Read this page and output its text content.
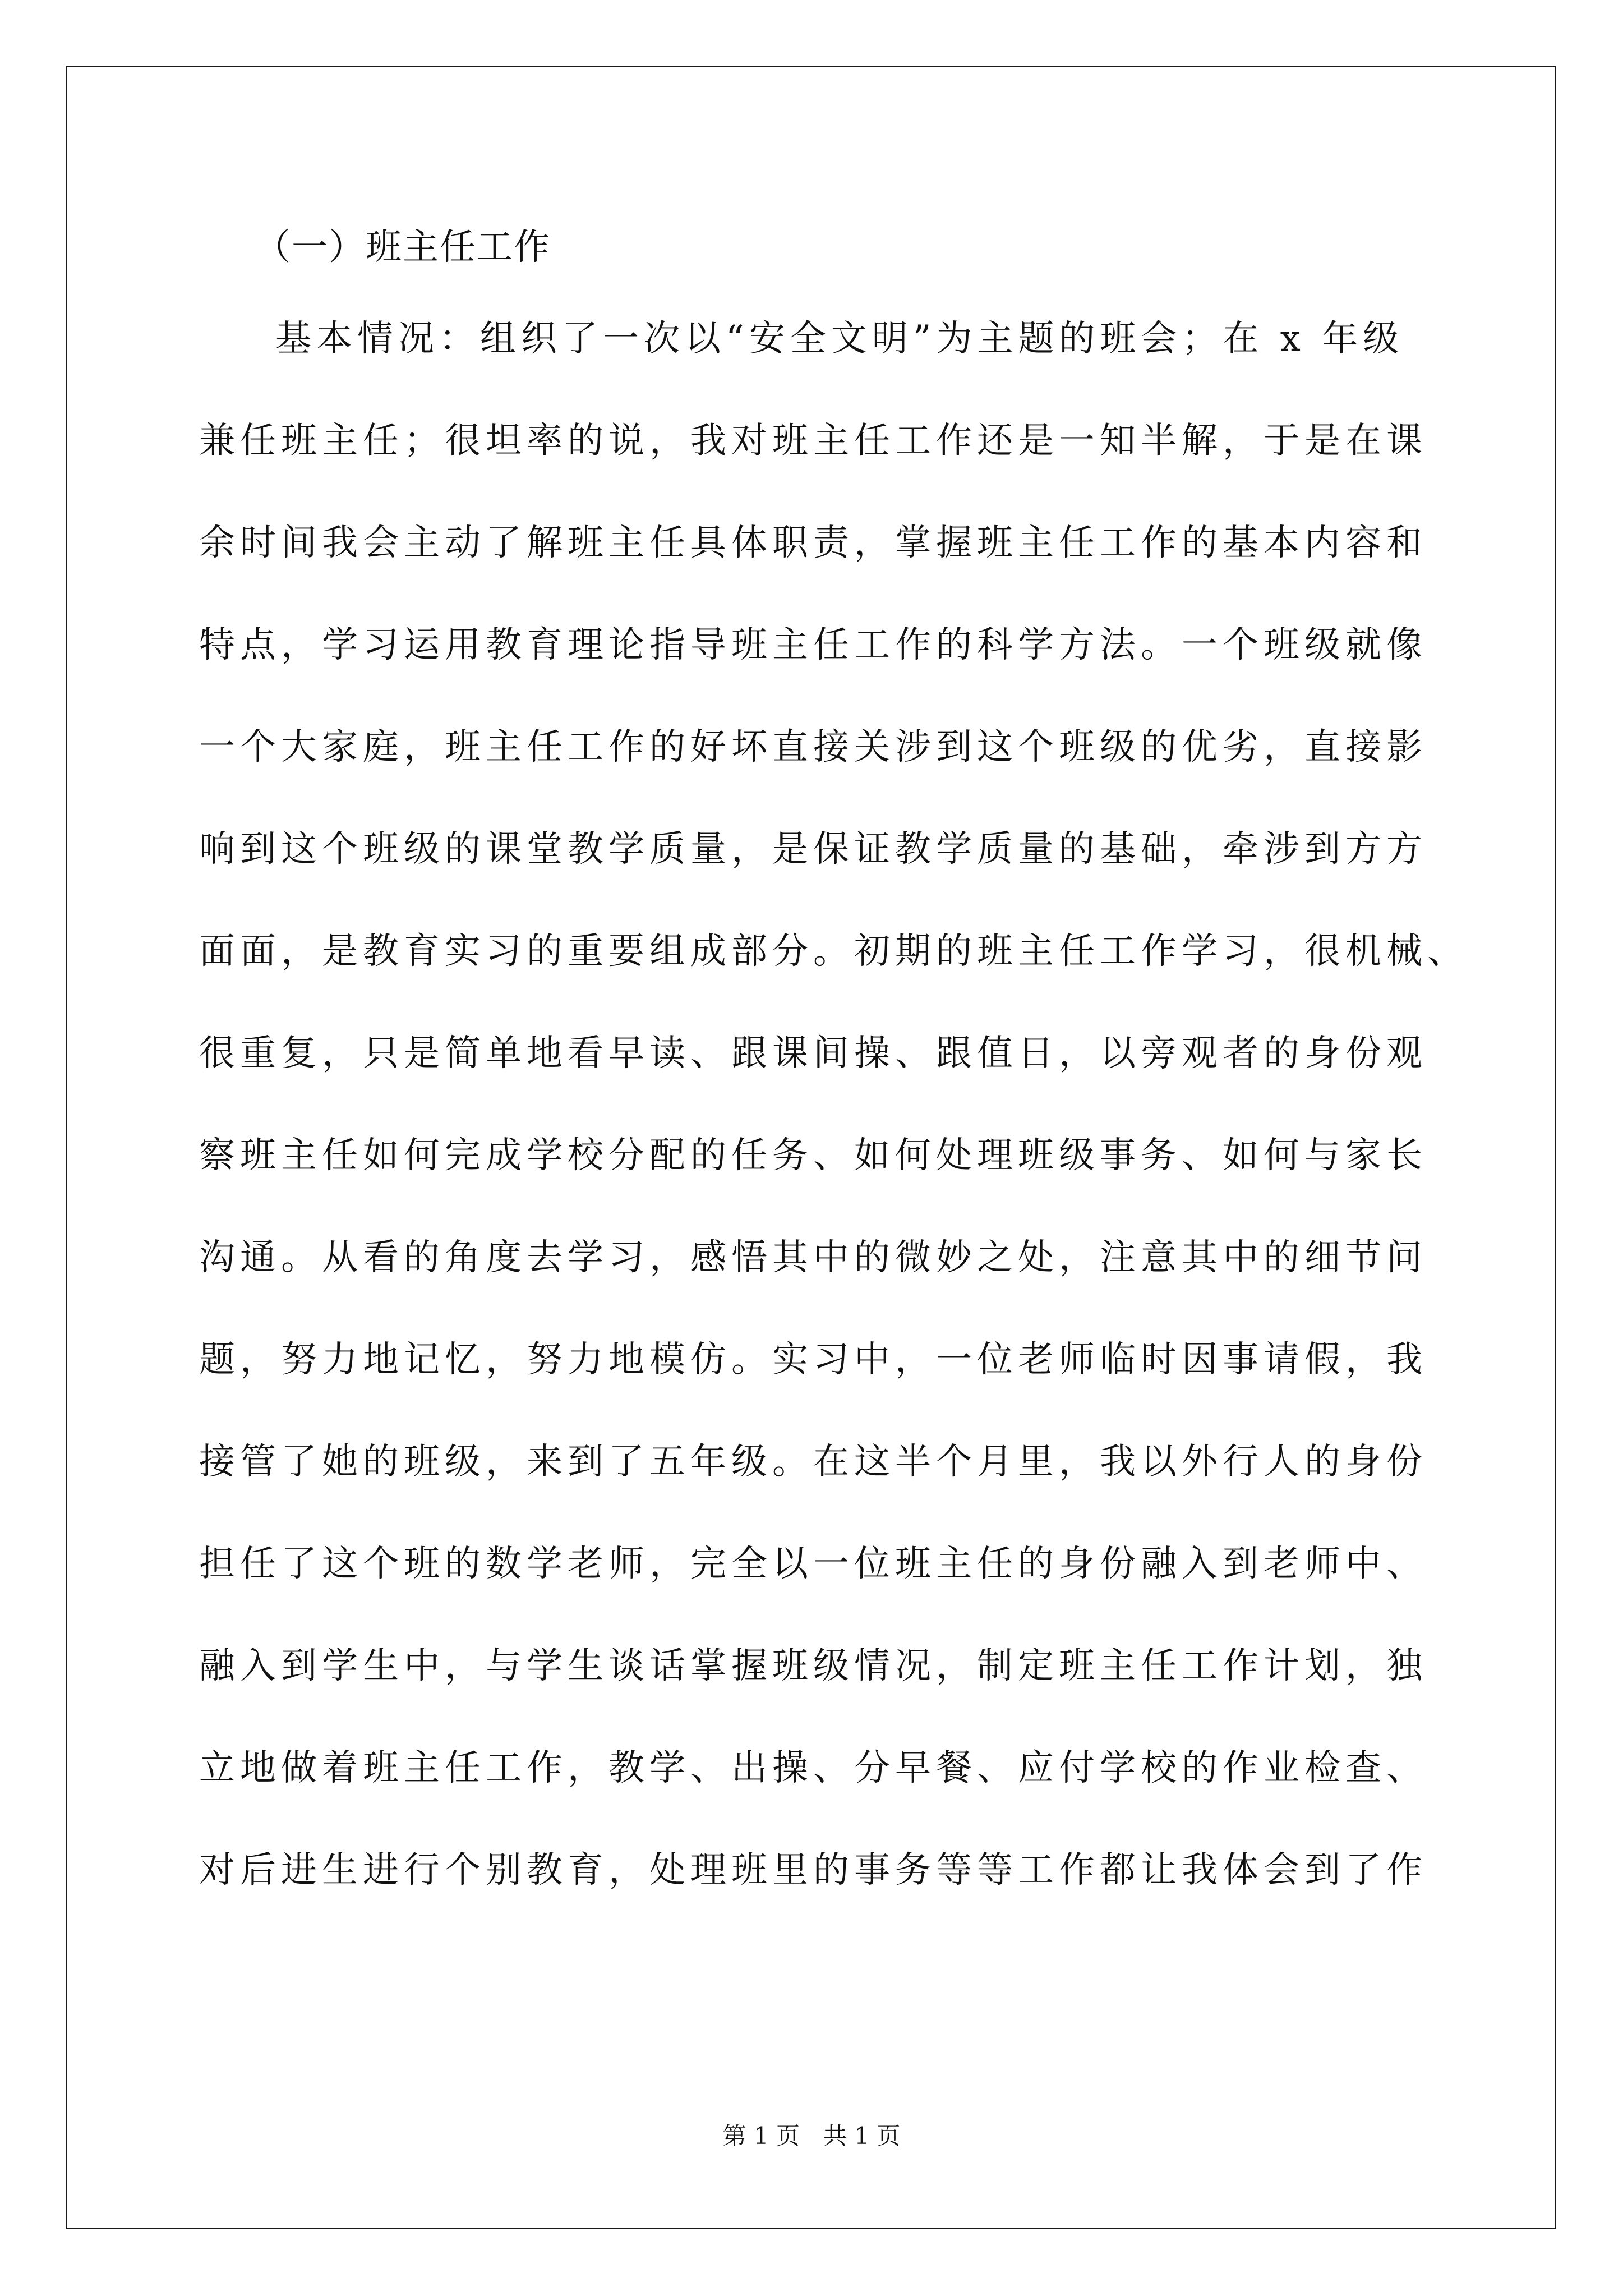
（一）班主任工作
基本情况：组织了一次以“安全文明”为主题的班会；在 x 年级
兼任班主任；很坦率的说，我对班主任工作还是一知半解，于是在课
余时间我会主动了解班主任具体职责，掌握班主任工作的基本内容和
特点，学习运用教育理论指导班主任工作的科学方法。一个班级就像
一个大家庭，班主任工作的好坏直接关涉到这个班级的优劣，直接影
响到这个班级的课堂教学质量，是保证教学质量的基础，牵涉到方方
面面，是教育实习的重要组成部分。初期的班主任工作学习，很机械、
很重复，只是简单地看早读、跟课间操、跟值日，以旁观者的身份观
察班主任如何完成学校分配的任务、如何处理班级事务、如何与家长
沟通。从看的角度去学习，感悟其中的微妙之处，注意其中的细节问
题，努力地记忆，努力地模仿。实习中，一位老师临时因事请假，我
接管了她的班级，来到了五年级。在这半个月里，我以外行人的身份
担任了这个班的数学老师，完全以一位班主任的身份融入到老师中、
融入到学生中，与学生谈话掌握班级情况，制定班主任工作计划，独
立地做着班主任工作，教学、出操、分早餐、应付学校的作业检查、
对后进生进行个别教育，处理班里的事务等等工作都让我体会到了作
第 1 页　共 1 页
